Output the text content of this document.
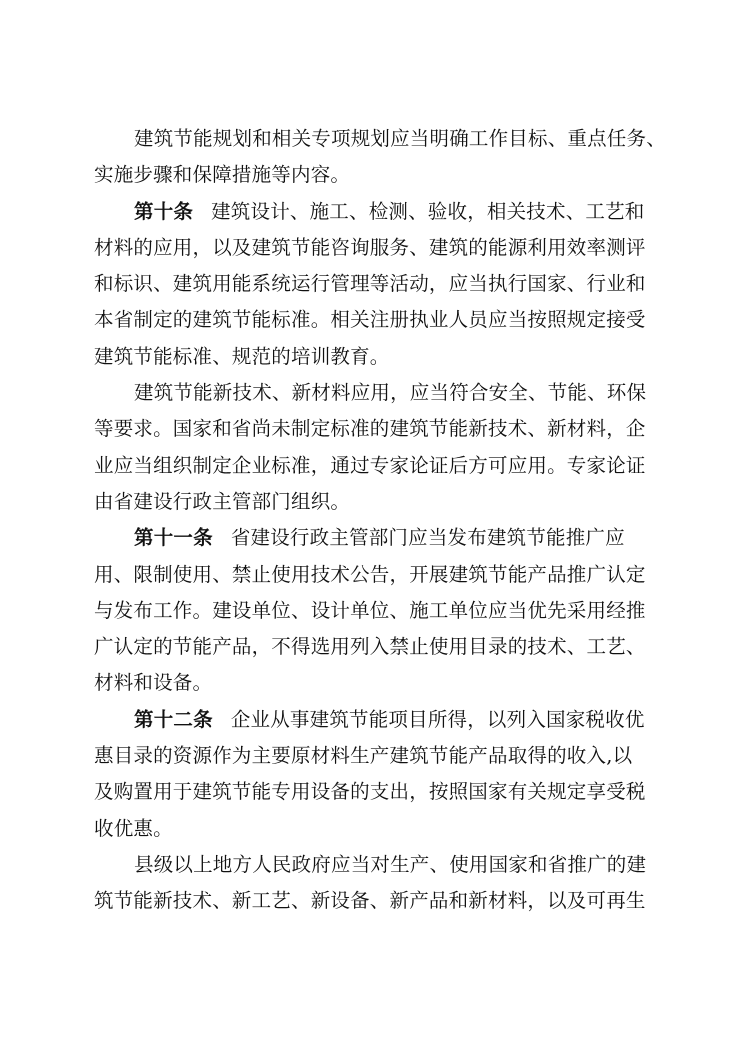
建筑节能规划和相关专项规划应当明确工作目标、重点任务、
实施步骤和保障措施等内容。
第十条 建筑设计、施工、检测、验收，相关技术、工艺和
材料的应用，以及建筑节能咨询服务、建筑的能源利用效率测评
和标识、建筑用能系统运行管理等活动，应当执行国家、行业和
本省制定的建筑节能标准。相关注册执业人员应当按照规定接受
建筑节能标准、规范的培训教育。
建筑节能新技术、新材料应用，应当符合安全、节能、环保
等要求。国家和省尚未制定标准的建筑节能新技术、新材料，企
业应当组织制定企业标准，通过专家论证后方可应用。专家论证
由省建设行政主管部门组织。
第十一条 省建设行政主管部门应当发布建筑节能推广应
用、限制使用、禁止使用技术公告，开展建筑节能产品推广认定
与发布工作。建设单位、设计单位、施工单位应当优先采用经推
广认定的节能产品，不得选用列入禁止使用目录的技术、工艺、
材料和设备。
第十二条 企业从事建筑节能项目所得，以列入国家税收优
惠目录的资源作为主要原材料生产建筑节能产品取得的收入,以
及购置用于建筑节能专用设备的支出，按照国家有关规定享受税
收优惠。
县级以上地方人民政府应当对生产、使用国家和省推广的建
筑节能新技术、新工艺、新设备、新产品和新材料，以及可再生
